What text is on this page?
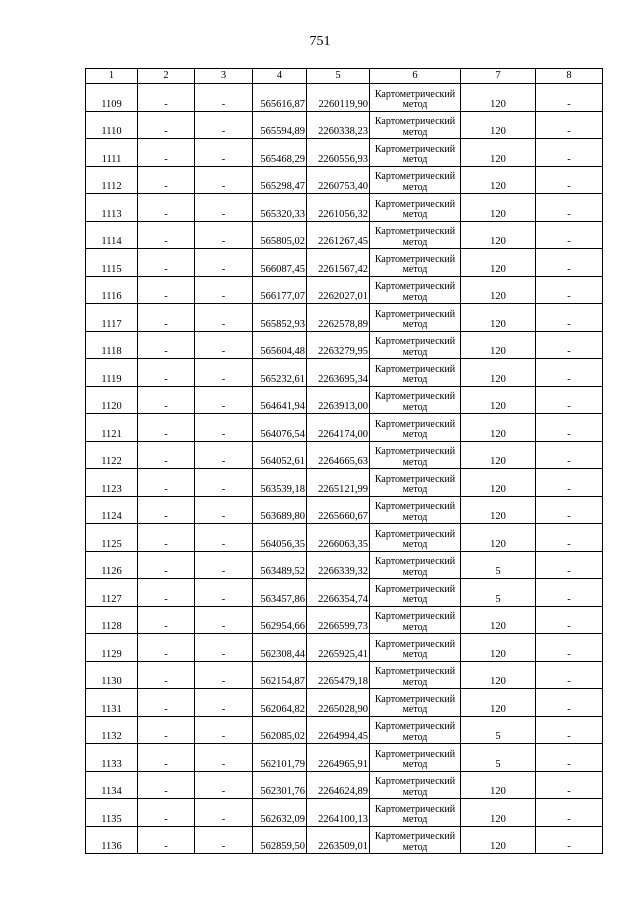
751
1	2	3	4	5	6	7	8
1109	-	-	565616,87	2260119,90	Картометрический метод	120	-
1110	-	-	565594,89	2260338,23	Картометрический метод	120	-
1111	-	-	565468,29	2260556,93	Картометрический метод	120	-
1112	-	-	565298,47	2260753,40	Картометрический метод	120	-
1113	-	-	565320,33	2261056,32	Картометрический метод	120	-
1114	-	-	565805,02	2261267,45	Картометрический метод	120	-
1115	-	-	566087,45	2261567,42	Картометрический метод	120	-
1116	-	-	566177,07	2262027,01	Картометрический метод	120	-
1117	-	-	565852,93	2262578,89	Картометрический метод	120	-
1118	-	-	565604,48	2263279,95	Картометрический метод	120	-
1119	-	-	565232,61	2263695,34	Картометрический метод	120	-
1120	-	-	564641,94	2263913,00	Картометрический метод	120	-
1121	-	-	564076,54	2264174,00	Картометрический метод	120	-
1122	-	-	564052,61	2264665,63	Картометрический метод	120	-
1123	-	-	563539,18	2265121,99	Картометрический метод	120	-
1124	-	-	563689,80	2265660,67	Картометрический метод	120	-
1125	-	-	564056,35	2266063,35	Картометрический метод	120	-
1126	-	-	563489,52	2266339,32	Картометрический метод	5	-
1127	-	-	563457,86	2266354,74	Картометрический метод	5	-
1128	-	-	562954,66	2266599,73	Картометрический метод	120	-
1129	-	-	562308,44	2265925,41	Картометрический метод	120	-
1130	-	-	562154,87	2265479,18	Картометрический метод	120	-
1131	-	-	562064,82	2265028,90	Картометрический метод	120	-
1132	-	-	562085,02	2264994,45	Картометрический метод	5	-
1133	-	-	562101,79	2264965,91	Картометрический метод	5	-
1134	-	-	562301,76	2264624,89	Картометрический метод	120	-
1135	-	-	562632,09	2264100,13	Картометрический метод	120	-
1136	-	-	562859,50	2263509,01	Картометрический метод	120	-
